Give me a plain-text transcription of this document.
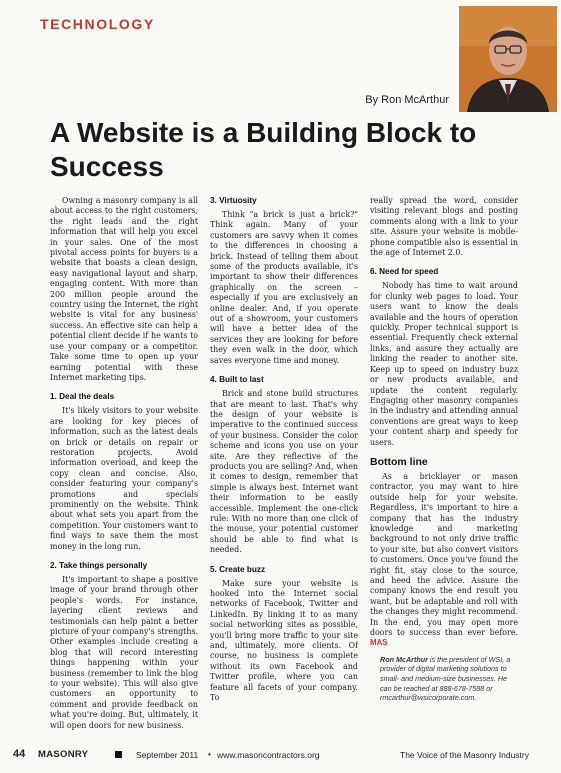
TECHNOLOGY
By Ron McArthur
A Website is a Building Block to Success

Owning a masonry company is all about access to the right customers, the right leads and the right information that will help you excel in your sales. One of the most pivotal access points for buyers is a website that boasts a clean design, easy navigational layout and sharp, engaging content. With more than 200 million people around the country using the Internet, the right website is vital for any business' success. An effective site can help a potential client decide if he wants to use your company or a competitor. Take some time to open up your earning potential with these Internet marketing tips.

1. Deal the deals

It's likely visitors to your website are looking for key pieces of information, such as the latest deals on brick or details on repair or restoration projects. Avoid information overload, and keep the copy clean and concise. Also, consider featuring your company's promotions and specials prominently on the website. Think about what sets you apart from the competition. Your customers want to find ways to save them the most money in the long run.

2. Take things personally

It's important to shape a positive image of your brand through other people's words. For instance, layering client reviews and testimonials can help paint a better picture of your company's strengths. Other examples include creating a blog that will record interesting things happening within your business (remember to link the blog to your website). This will also give customers an opportunity to comment and provide feedback on what you're doing. But, ultimately, it will open doors for new business.

3. Virtuosity

Think "a brick is just a brick?" Think again. Many of your customers are savvy when it comes to the differences in choosing a brick. Instead of telling them about some of the products available, it's important to show their differences graphically on the screen – especially if you are exclusively an online dealer. And, if you operate out of a showroom, your customers will have a better idea of the services they are looking for before they even walk in the door, which saves everyone time and money.

4. Built to last

Brick and stone build structures that are meant to last. That's why the design of your website is imperative to the continued success of your business. Consider the color scheme and icons you use on your site. Are they reflective of the products you are selling? And, when it comes to design, remember that simple is always best. Internet want their information to be easily accessible. Implement the one-click rule: With no more than one click of the mouse, your potential customer should be able to find what is needed.

5. Create buzz

Make sure your website is hooked into the Internet social networks of Facebook, Twitter and LinkedIn. By linking it to as many social networking sites as possible, you'll bring more traffic to your site and, ultimately, more clients. Of course, no business is complete without its own Facebook and Twitter profile, where you can feature all facets of your company. To

really spread the word, consider visiting relevant blogs and posting comments along with a link to your site. Assure your website is mobile-phone compatible also is essential in the age of Internet 2.0.

6. Need for speed

Nobody has time to wait around for clunky web pages to load. Your users want to know the deals available and the hours of operation quickly. Proper technical support is essential. Frequently check external links, and assure they actually are linking the reader to another site. Keep up to speed on industry buzz or new products available, and update the content regularly. Engaging other masonry companies in the industry and attending annual conventions are great ways to keep your content sharp and speedy for users.

Bottom line

As a bricklayer or mason contractor, you may want to hire outside help for your website. Regardless, it's important to hire a company that has the industry knowledge and marketing background to not only drive traffic to your site, but also convert visitors to customers. Once you've found the right fit, stay close to the source, and heed the advice. Assure the company knows the end result you want, but be adaptable and roll with the changes they might recommend. In the end, you may open more doors to success than ever before. MAS

Ron McArthur is the president of WSI, a provider of digital marketing solutions to small- and medium-size businesses. He can be reached at 888-678-7588 or rmcarthur@wsicorporate.com.
44 MASONRY	September 2011 • www.masoncontractors.org	The Voice of the Masonry Industry
